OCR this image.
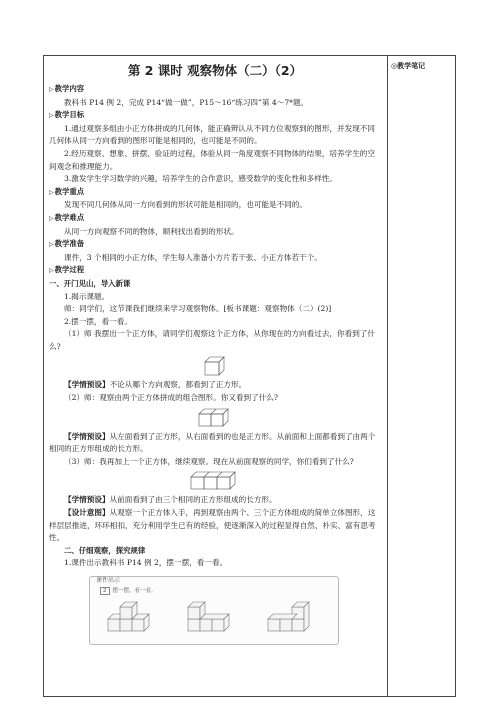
◎教学笔记
第 2 课时 观察物体（二）（2）
▷教学内容

教科书 P14 例 2，完成 P14“做一做”，P15～16“练习四”第 4～7*题。

▷教学目标

1.通过观察多组由小正方体拼成的几何体，能正确辨认从不同方位观察到的图形，并发现不同几何体从同一方向看到的图形可能是相同的，也可能是不同的。

2.经历观察、想象、拼摆、验证的过程，体验从同一角度观察不同物体的结果，培养学生的空间观念和推理能力。

3.激发学生学习数学的兴趣，培养学生的合作意识，感受数学的变化性和多样性。

▷教学重点

发现不同几何体从同一方向看到的形状可能是相同的，也可能是不同的。

▷教学难点

从同一方向观察不同的物体，顺利找出看到的形状。

▷教学准备

课件，3 个相同的小正方体，学生每人准备小方片若干张、小正方体若干个。

▷教学过程
一、开门见山，导入新课

1.揭示课题。

师：同学们，这节课我们继续来学习观察物体。[板书课题：观察物体（二）(2)]

2.摆一摆，看一看。

（1）师 我摆出一个正方体，请同学们观察这个正方体，从你现在的方向看过去，你看到了什么?

【学情预设】不论从哪个方向观察，都看到了正方形。

（2）师：观察由两个正方体拼成的组合图形。你又看到了什么?

【学情预设】从左面看到了正方形，从右面看到的也是正方形。从前面和上面都看到了由两个相同的正方形组成的长方形。

（3）师：我再加上一个正方体，继续观察。现在从前面观察的同学，你们看到了什么?

【学情预设】从前面看到了由三个相同的正方形组成的长方形。

【设计意图】从观察一个正方体入手，再到观察由两个、三个正方体组成的简单立体图形，这样层层推进，环环相扣，充分利用学生已有的经验，使逐渐深入的过程显得自然、朴实、富有思考性。

二、仔细观察，探究规律

1.课件出示教科书 P14 例 2，摆一摆，看一看。

课件出示
2 摆一摆，看一看。
